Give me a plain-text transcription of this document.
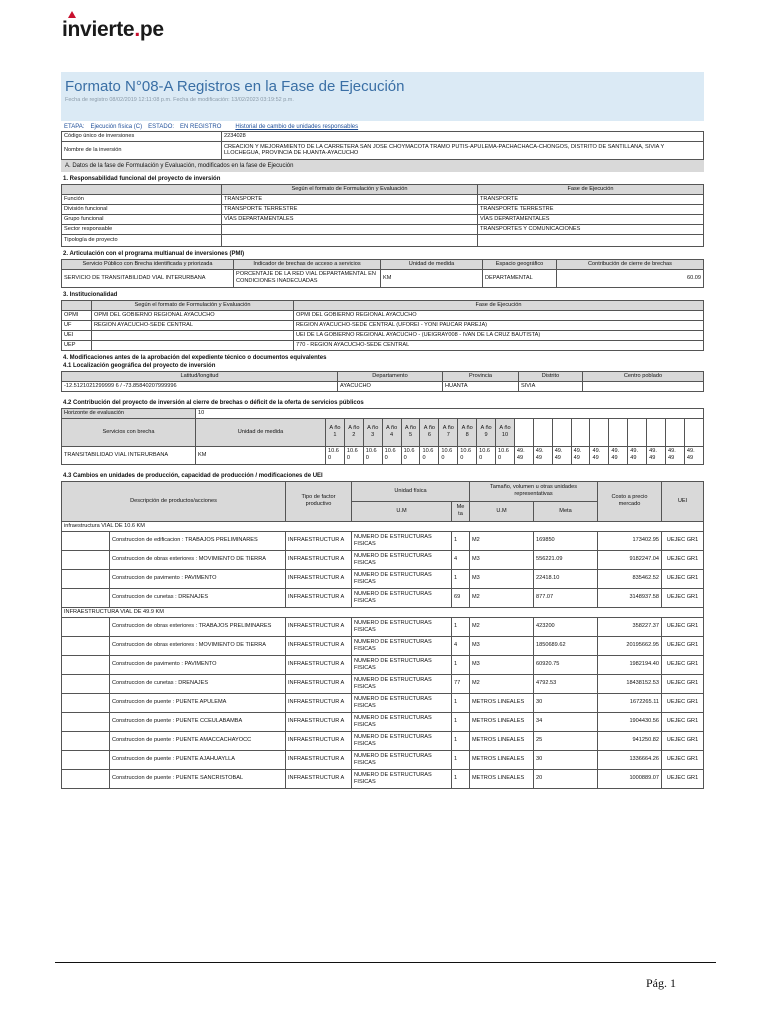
invierte.pe
Formato N°08-A Registros en la Fase de Ejecución
Fecha de registro 08/02/2019 12:11:08 p.m. Fecha de modificación: 13/02/2023 03:19:52 p.m.
ETAPA: Ejecución física (C) ESTADO: EN REGISTRO Historial de cambio de unidades responsables
Código único de inversiones	2234028
Nombre de la inversión	CREACION Y MEJORAMIENTO DE LA CARRETERA SAN JOSE CHOYMACOTA TRAMO PUTIS-APULEMA-PACHACHACA-CHONGOS, DISTRITO DE SANTILLANA, SIVIA Y LLOCHEGUA, PROVINCIA DE HUANTA-AYACUCHO
A. Datos de la fase de Formulación y Evaluación, modificados en la fase de Ejecución
1. Responsabilidad funcional del proyecto de inversión
	Según el formato de Formulación y Evaluación	Fase de Ejecución
Función	TRANSPORTE	TRANSPORTE
División funcional	TRANSPORTE TERRESTRE	TRANSPORTE TERRESTRE
Grupo funcional	VÍAS DEPARTAMENTALES	VÍAS DEPARTAMENTALES
Sector responsable		TRANSPORTES Y COMUNICACIONES
Tipología de proyecto		
2. Articulación con el programa multianual de inversiones (PMI)
Servicio Público con Brecha identificada y priorizada	Indicador de brechas de acceso a servicios	Unidad de medida	Espacio geográfico	Contribución de cierre de brechas
SERVICIO DE TRANSITABILIDAD VIAL INTERURBANA	PORCENTAJE DE LA RED VIAL DEPARTAMENTAL EN CONDICIONES INADECUADAS	KM	DEPARTAMENTAL	60.09
3. Institucionalidad
	Según el formato de Formulación y Evaluación	Fase de Ejecución
OPMI	OPMI DEL GOBIERNO REGIONAL AYACUCHO	OPMI DEL GOBIERNO REGIONAL AYACUCHO
UF	REGION AYACUCHO-SEDE CENTRAL	REGION AYACUCHO-SEDE CENTRAL (UFOREI - YONI PAUCAR PAREJA)
UEI		UEI DE LA GOBIERNO REGIONAL AYACUCHO - (UEIGRAY008 - IVAN DE LA CRUZ BAUTISTA)
UEP		770 - REGION AYACUCHO-SEDE CENTRAL
4. Modificaciones antes de la aprobación del expediente técnico o documentos equivalentes
4.1 Localización geográfica del proyecto de inversión
Latitud/longitud	Departamento	Provincia	Distrito	Centro poblado
-12.5121021299999 6 / -73.85840207999996	AYACUCHO	HUANTA	SIVIA	
4.2 Contribución del proyecto de inversión al cierre de brechas o déficit de la oferta de servicios públicos
Horizonte de evaluación	10																				
Servicios con brecha	Unidad de medida	A ño 1	A ño 2	A ño 3	A ño 4	A ño 5	A ño 6	A ño 7	A ño 8	A ño 9	A ño 10										
TRANSITABILIDAD VIAL INTERURBANA	KM	10.6 0	10.6 0	10.6 0	10.6 0	10.6 0	10.6 0	10.6 0	10.6 0	10.6 0	10.6 0	49. 49	49. 49	49. 49	49. 49	49. 49	49. 49	49. 49	49. 49	49. 49	49. 49
4.3 Cambios en unidades de producción, capacidad de producción / modificaciones de UEI
Descripción de productos/acciones		Tipo de factor productivo	Unidad física		Tamaño, volumen u otras unidades representativas		Costo a precio mercado	UEI
			U.M	Me ta	U.M	Meta		
infraestructura VIAL DE 10.6 KM								
	Construccion de edificacion : TRABAJOS PRELIMINARES	INFRAESTRUCTUR A	NUMERO DE ESTRUCTURAS FISICAS	1	M2	169850	173402.95	UEJEC GR1
	Construccion de obras exteriores : MOVIMIENTO DE TIERRA	INFRAESTRUCTUR A	NUMERO DE ESTRUCTURAS FISICAS	4	M3	556221.09	9182247.04	UEJEC GR1
	Construccion de pavimento : PAVIMENTO	INFRAESTRUCTUR A	NUMERO DE ESTRUCTURAS FISICAS	1	M3	22418.10	835462.52	UEJEC GR1
	Construccion de cunetas : DRENAJES	INFRAESTRUCTUR A	NUMERO DE ESTRUCTURAS FISICAS	69	M2	877.07	3148937.58	UEJEC GR1
INFRAESTRUCTURA VIAL DE 49.9 KM								
	Construccion de obras exteriores : TRABAJOS PRELIMINARES	INFRAESTRUCTUR A	NUMERO DE ESTRUCTURAS FISICAS	1	M2	423200	358227.37	UEJEC GR1
	Construccion de obras exteriores : MOVIMIENTO DE TIERRA	INFRAESTRUCTUR A	NUMERO DE ESTRUCTURAS FISICAS	4	M3	1850689.62	20195662.95	UEJEC GR1
	Construccion de pavimento : PAVIMENTO	INFRAESTRUCTUR A	NUMERO DE ESTRUCTURAS FISICAS	1	M3	60920.75	1982194.40	UEJEC GR1
	Construccion de cunetas : DRENAJES	INFRAESTRUCTUR A	NUMERO DE ESTRUCTURAS FISICAS	77	M2	4792.53	18438152.53	UEJEC GR1
	Construccion de puente : PUENTE APULEMA	INFRAESTRUCTUR A	NUMERO DE ESTRUCTURAS FISICAS	1	METROS LINEALES	30	1672265.11	UEJEC GR1
	Construccion de puente : PUENTE CCEULABAMBA	INFRAESTRUCTUR A	NUMERO DE ESTRUCTURAS FISICAS	1	METROS LINEALES	34	1904430.56	UEJEC GR1
	Construccion de puente : PUENTE AMACCACHAYOCC	INFRAESTRUCTUR A	NUMERO DE ESTRUCTURAS FISICAS	1	METROS LINEALES	25	941250.82	UEJEC GR1
	Construccion de puente : PUENTE AJAHUAYLLA	INFRAESTRUCTUR A	NUMERO DE ESTRUCTURAS FISICAS	1	METROS LINEALES	30	1336664.26	UEJEC GR1
	Construccion de puente : PUENTE SANCRISTOBAL	INFRAESTRUCTUR A	NUMERO DE ESTRUCTURAS FISICAS	1	METROS LINEALES	20	1000889.07	UEJEC GR1
Pág. 1
